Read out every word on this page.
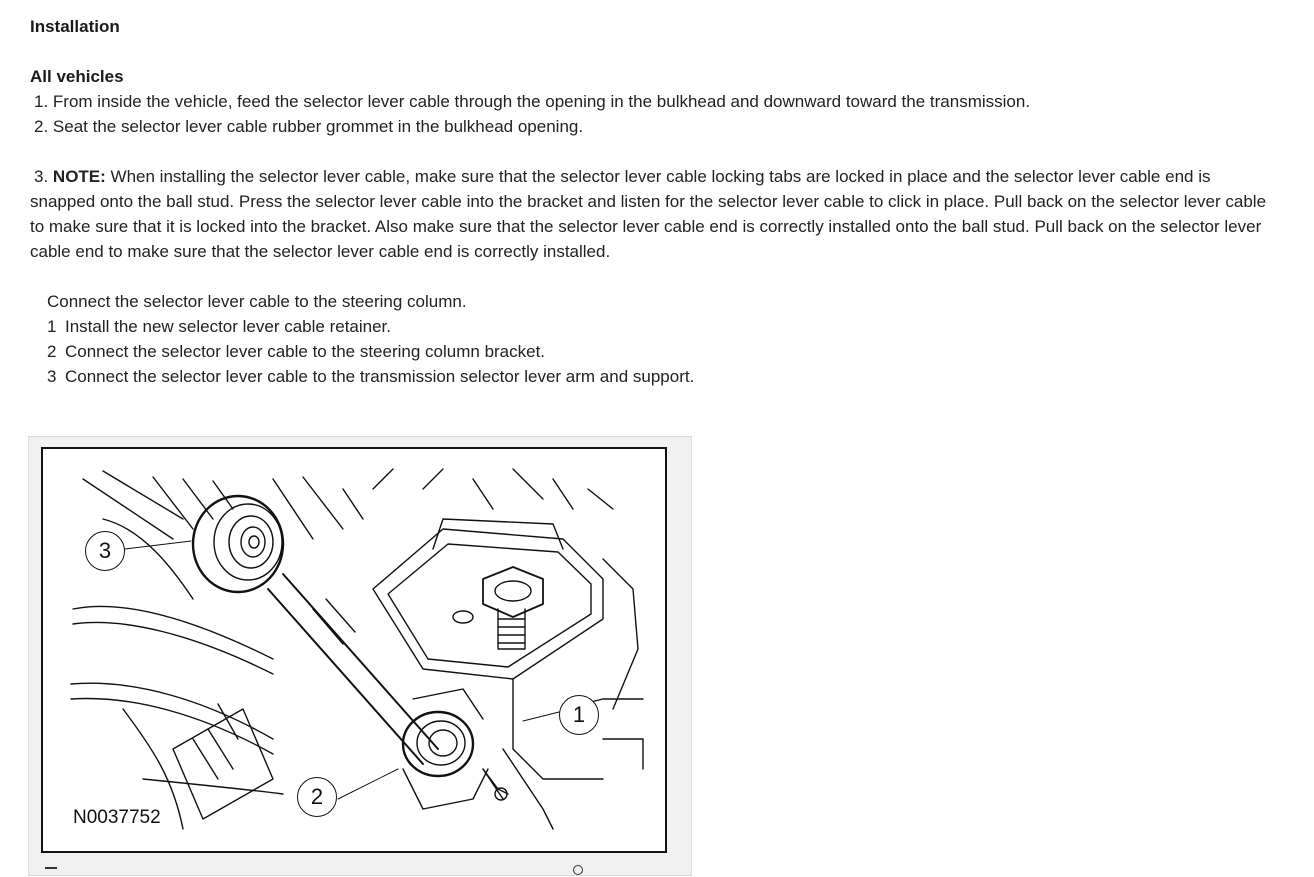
Installation

All vehicles

1. From inside the vehicle, feed the selector lever cable through the opening in the bulkhead and downward toward the transmission.

2. Seat the selector lever cable rubber grommet in the bulkhead opening.

3. NOTE: When installing the selector lever cable, make sure that the selector lever cable locking tabs are locked in place and the selector lever cable end is snapped onto the ball stud. Press the selector lever cable into the bracket and listen for the selector lever cable to click in place. Pull back on the selector lever cable to make sure that it is locked into the bracket. Also make sure that the selector lever cable end is correctly installed onto the ball stud. Pull back on the selector lever cable end to make sure that the selector lever cable end is correctly installed.

Connect the selector lever cable to the steering column.

1 Install the new selector lever cable retainer.

2 Connect the selector lever cable to the steering column bracket.

3 Connect the selector lever cable to the transmission selector lever arm and support.

3
1
2
N0037752
